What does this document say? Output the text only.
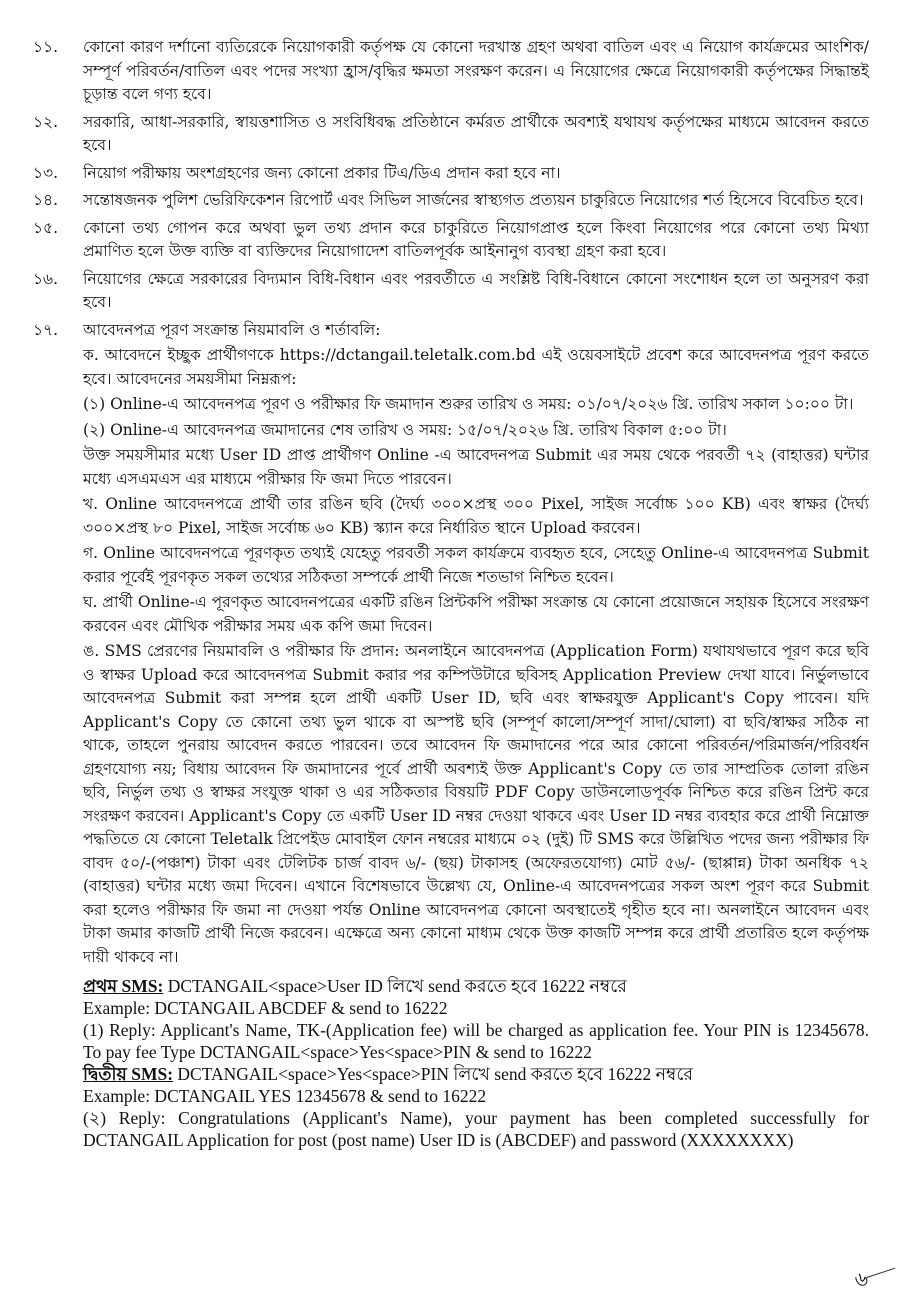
১১.	কোনো কারণ দর্শানো ব্যতিরেকে নিয়োগকারী কর্তৃপক্ষ যে কোনো দরখাস্ত গ্রহণ অথবা বাতিল এবং এ নিয়োগ কার্যক্রমের আংশিক/সম্পূর্ণ পরিবর্তন/বাতিল এবং পদের সংখ্যা হ্রাস/বৃদ্ধির ক্ষমতা সংরক্ষণ করেন। এ নিয়োগের ক্ষেত্রে নিয়োগকারী কর্তৃপক্ষের সিদ্ধান্তই চূড়ান্ত বলে গণ্য হবে।
১২.	সরকারি, আধা-সরকারি, স্বায়ত্তশাসিত ও সংবিধিবদ্ধ প্রতিষ্ঠানে কর্মরত প্রার্থীকে অবশ্যই যথাযথ কর্তৃপক্ষের মাধ্যমে আবেদন করতে হবে।
১৩.	নিয়োগ পরীক্ষায় অংশগ্রহণের জন্য কোনো প্রকার টিএ/ডিএ প্রদান করা হবে না।
১৪.	সন্তোষজনক পুলিশ ভেরিফিকেশন রিপোর্ট এবং সিভিল সার্জনের স্বাস্থ্যগত প্রত্যয়ন চাকুরিতে নিয়োগের শর্ত হিসেবে বিবেচিত হবে।
১৫.	কোনো তথ্য গোপন করে অথবা ভুল তথ্য প্রদান করে চাকুরিতে নিয়োগপ্রাপ্ত হলে কিংবা নিয়োগের পরে কোনো তথ্য মিথ্যা প্রমাণিত হলে উক্ত ব্যক্তি বা ব্যক্তিদের নিয়োগাদেশ বাতিলপূর্বক আইনানুগ ব্যবস্থা গ্রহণ করা হবে।
১৬.	নিয়োগের ক্ষেত্রে সরকারের বিদ্যমান বিধি-বিধান এবং পরবর্তীতে এ সংশ্লিষ্ট বিধি-বিধানে কোনো সংশোধন হলে তা অনুসরণ করা হবে।
১৭.	আবেদনপত্র পূরণ সংক্রান্ত নিয়মাবলি ও শর্তাবলি:
ক. আবেদনে ইচ্ছুক প্রার্থীগণকে https://dctangail.teletalk.com.bd এই ওয়েবসাইটে প্রবেশ করে আবেদনপত্র পূরণ করতে হবে। আবেদনের সময়সীমা নিম্নরূপ:
(১) Online-এ আবেদনপত্র পূরণ ও পরীক্ষার ফি জমাদান শুরুর তারিখ ও সময়: ০১/০৭/২০২৬ খ্রি. তারিখ সকাল ১০:০০ টা।
(২) Online-এ আবেদনপত্র জমাদানের শেষ তারিখ ও সময়: ১৫/০৭/২০২৬ খ্রি. তারিখ বিকাল ৫:০০ টা।
উক্ত সময়সীমার মধ্যে User ID প্রাপ্ত প্রার্থীগণ Online -এ আবেদনপত্র Submit এর সময় থেকে পরবর্তী ৭২ (বাহাত্তর) ঘন্টার মধ্যে এসএমএস এর মাধ্যমে পরীক্ষার ফি জমা দিতে পারবেন।
খ. Online আবেদনপত্রে প্রার্থী তার রঙিন ছবি (দৈর্ঘ্য ৩০০×প্রস্থ ৩০০ Pixel, সাইজ সর্বোচ্চ ১০০ KB) এবং স্বাক্ষর (দৈর্ঘ্য ৩০০×প্রস্থ ৮০ Pixel, সাইজ সর্বোচ্চ ৬০ KB) স্ক্যান করে নির্ধারিত স্থানে Upload করবেন।
গ. Online আবেদনপত্রে পূরণকৃত তথ্যই যেহেতু পরবর্তী সকল কার্যক্রমে ব্যবহৃত হবে, সেহেতু Online-এ আবেদনপত্র Submit করার পূর্বেই পূরণকৃত সকল তথ্যের সঠিকতা সম্পর্কে প্রার্থী নিজে শতভাগ নিশ্চিত হবেন।
ঘ. প্রার্থী Online-এ পূরণকৃত আবেদনপত্রের একটি রঙিন প্রিন্টকপি পরীক্ষা সংক্রান্ত যে কোনো প্রয়োজনে সহায়ক হিসেবে সংরক্ষণ করবেন এবং মৌখিক পরীক্ষার সময় এক কপি জমা দিবেন।
ঙ. SMS প্রেরণের নিয়মাবলি ও পরীক্ষার ফি প্রদান: অনলাইনে আবেদনপত্র (Application Form) যথাযথভাবে পূরণ করে ছবি ও স্বাক্ষর Upload করে আবেদনপত্র Submit করার পর কম্পিউটারে ছবিসহ Application Preview দেখা যাবে। নির্ভুলভাবে আবেদনপত্র Submit করা সম্পন্ন হলে প্রার্থী একটি User ID, ছবি এবং স্বাক্ষরযুক্ত Applicant's Copy পাবেন। যদি Applicant's Copy তে কোনো তথ্য ভুল থাকে বা অস্পষ্ট ছবি (সম্পূর্ণ কালো/সম্পূর্ণ সাদা/ঘোলা) বা ছবি/স্বাক্ষর সঠিক না থাকে, তাহলে পুনরায় আবেদন করতে পারবেন। তবে আবেদন ফি জমাদানের পরে আর কোনো পরিবর্তন/পরিমার্জন/পরিবর্ধন গ্রহণযোগ্য নয়; বিধায় আবেদন ফি জমাদানের পূর্বে প্রার্থী অবশ্যই উক্ত Applicant's Copy তে তার সাম্প্রতিক তোলা রঙিন ছবি, নির্ভুল তথ্য ও স্বাক্ষর সংযুক্ত থাকা ও এর সঠিকতার বিষয়টি PDF Copy ডাউনলোডপূর্বক নিশ্চিত করে রঙিন প্রিন্ট করে সংরক্ষণ করবেন। Applicant's Copy তে একটি User ID নম্বর দেওয়া থাকবে এবং User ID নম্বর ব্যবহার করে প্রার্থী নিম্নোক্ত পদ্ধতিতে যে কোনো Teletalk প্রিপেইড মোবাইল ফোন নম্বরের মাধ্যমে ০২ (দুই) টি SMS করে উল্লিখিত পদের জন্য পরীক্ষার ফি বাবদ ৫০/-(পঞ্চাশ) টাকা এবং টেলিটক চার্জ বাবদ ৬/- (ছয়) টাকাসহ (অফেরতযোগ্য) মোট ৫৬/- (ছাপ্পান্ন) টাকা অনধিক ৭২ (বাহাত্তর) ঘন্টার মধ্যে জমা দিবেন। এখানে বিশেষভাবে উল্লেখ্য যে, Online-এ আবেদনপত্রের সকল অংশ পূরণ করে Submit করা হলেও পরীক্ষার ফি জমা না দেওয়া পর্যন্ত Online আবেদনপত্র কোনো অবস্থাতেই গৃহীত হবে না। অনলাইনে আবেদন এবং টাকা জমার কাজটি প্রার্থী নিজে করবেন। এক্ষেত্রে অন্য কোনো মাধ্যম থেকে উক্ত কাজটি সম্পন্ন করে প্রার্থী প্রতারিত হলে কর্তৃপক্ষ দায়ী থাকবে না।
প্রথম SMS: DCTANGAIL<space>User ID লিখে send করতে হবে 16222 নম্বরে
Example: DCTANGAIL ABCDEF & send to 16222
(1) Reply: Applicant's Name, TK-(Application fee) will be charged as application fee. Your PIN is 12345678. To pay fee Type DCTANGAIL<space>Yes<space>PIN & send to 16222
দ্বিতীয় SMS: DCTANGAIL<space>Yes<space>PIN লিখে send করতে হবে 16222 নম্বরে
Example: DCTANGAIL YES 12345678 & send to 16222
(২) Reply: Congratulations (Applicant's Name), your payment has been completed successfully for DCTANGAIL Application for post (post name) User ID is (ABCDEF) and password (XXXXXXXX)
৬
